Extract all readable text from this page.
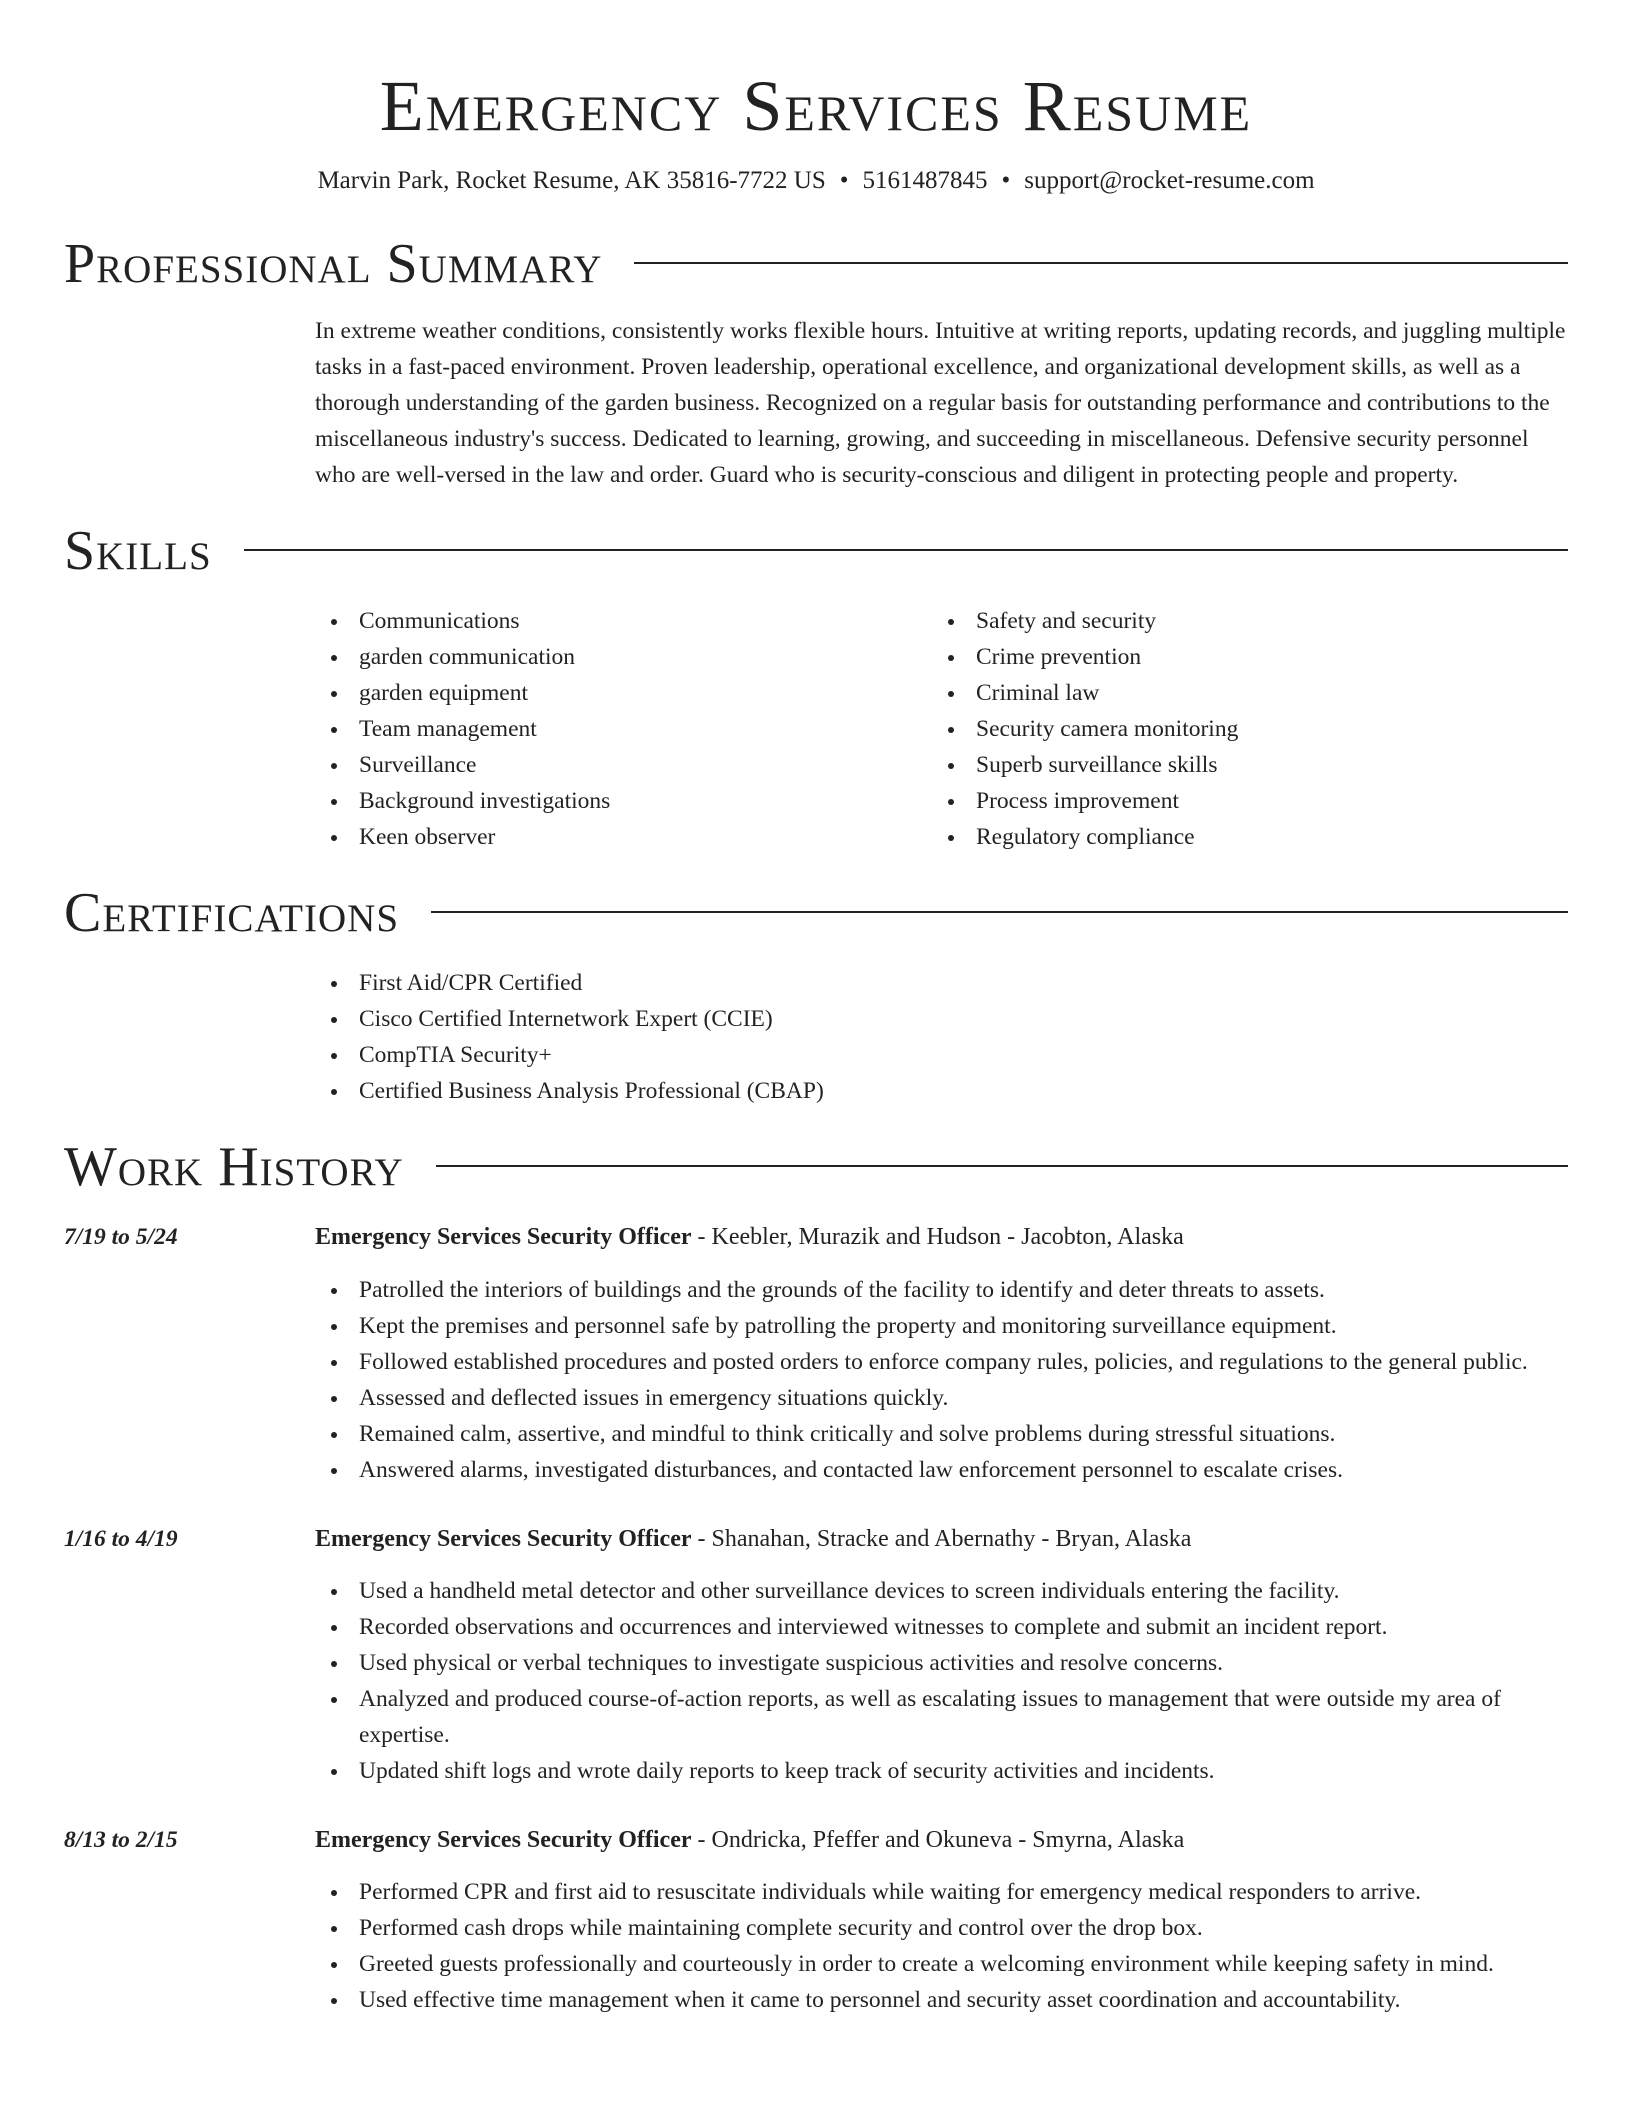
Emergency Services Resume
Marvin Park, Rocket Resume, AK 35816-7722 US • 5161487845 • support@rocket-resume.com
Professional Summary

In extreme weather conditions, consistently works flexible hours. Intuitive at writing reports, updating records, and juggling multiple tasks in a fast-paced environment. Proven leadership, operational excellence, and organizational development skills, as well as a thorough understanding of the garden business. Recognized on a regular basis for outstanding performance and contributions to the miscellaneous industry's success. Dedicated to learning, growing, and succeeding in miscellaneous. Defensive security personnel who are well-versed in the law and order. Guard who is security-conscious and diligent in protecting people and property.

Skills
Communications
garden communication
garden equipment
Team management
Surveillance
Background investigations
Keen observer
Safety and security
Crime prevention
Criminal law
Security camera monitoring
Superb surveillance skills
Process improvement
Regulatory compliance
Certifications
First Aid/CPR Certified
Cisco Certified Internetwork Expert (CCIE)
CompTIA Security+
Certified Business Analysis Professional (CBAP)
Work History
7/19 to 5/24	Emergency Services Security Officer - Keebler, Murazik and Hudson - Jacobton, Alaska
Patrolled the interiors of buildings and the grounds of the facility to identify and deter threats to assets.
Kept the premises and personnel safe by patrolling the property and monitoring surveillance equipment.
Followed established procedures and posted orders to enforce company rules, policies, and regulations to the general public.
Assessed and deflected issues in emergency situations quickly.
Remained calm, assertive, and mindful to think critically and solve problems during stressful situations.
Answered alarms, investigated disturbances, and contacted law enforcement personnel to escalate crises.
1/16 to 4/19	Emergency Services Security Officer - Shanahan, Stracke and Abernathy - Bryan, Alaska
Used a handheld metal detector and other surveillance devices to screen individuals entering the facility.
Recorded observations and occurrences and interviewed witnesses to complete and submit an incident report.
Used physical or verbal techniques to investigate suspicious activities and resolve concerns.
Analyzed and produced course-of-action reports, as well as escalating issues to management that were outside my area of expertise.
Updated shift logs and wrote daily reports to keep track of security activities and incidents.
8/13 to 2/15	Emergency Services Security Officer - Ondricka, Pfeffer and Okuneva - Smyrna, Alaska
Performed CPR and first aid to resuscitate individuals while waiting for emergency medical responders to arrive.
Performed cash drops while maintaining complete security and control over the drop box.
Greeted guests professionally and courteously in order to create a welcoming environment while keeping safety in mind.
Used effective time management when it came to personnel and security asset coordination and accountability.
